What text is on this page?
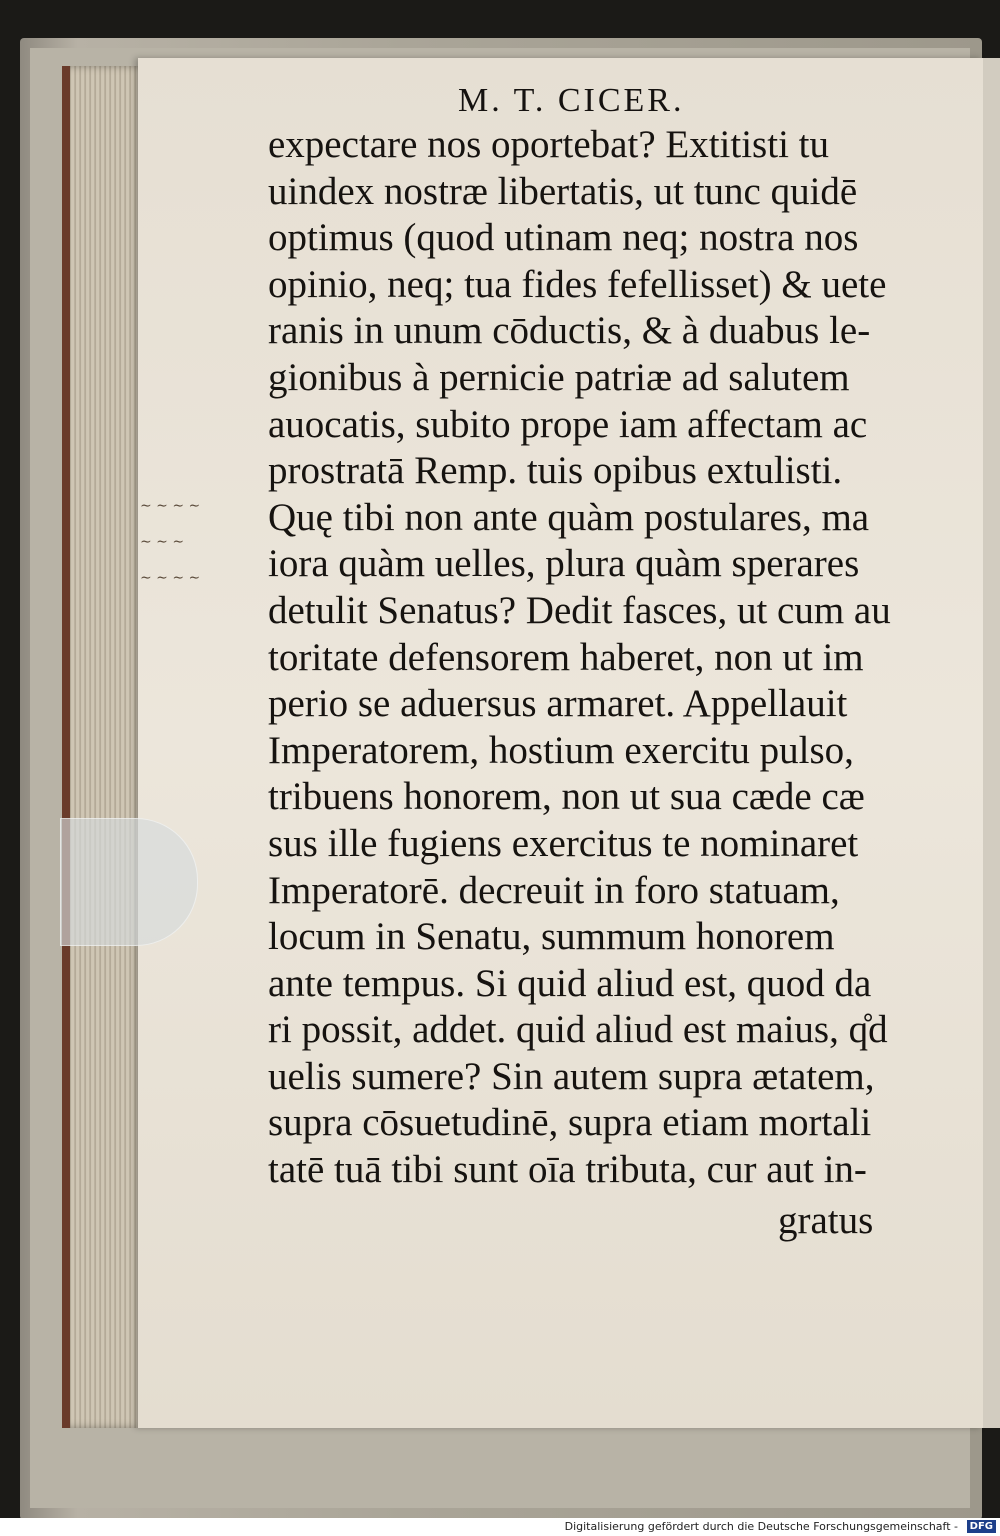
M. T. CICER.
expectare nos oportebat? Extitisti tu
uindex nostræ libertatis, ut tunc quidē
optimus (quod utinam neq; nostra nos
opinio, neq; tua fides fefellisset) & uete
ranis in unum cōductis, & à duabus le-
gionibus à pernicie patriæ ad salutem
auocatis, subito prope iam affectam ac
prostratā Remp. tuis opibus extulisti.
Quę tibi non ante quàm postulares, ma
iora quàm uelles, plura quàm sperares
detulit Senatus? Dedit fasces, ut cum au
toritate defensorem haberet, non ut im
perio se aduersus armaret. Appellauit
Imperatorem, hostium exercitu pulso,
tribuens honorem, non ut sua cæde cæ
sus ille fugiens exercitus te nominaret
Imperatorē. decreuit in foro statuam,
locum in Senatu, summum honorem
ante tempus. Si quid aliud est, quod da
ri possit, addet. quid aliud est maius, q̊d
uelis sumere? Sin autem supra ætatem,
supra cōsuetudinē, supra etiam mortali
tatē tuā tibi sunt oīa tributa, cur aut in-
∼ ∼ ∼ ∼
∼ ∼ ∼
∼ ∼ ∼ ∼
gratus
Digitalisierung gefördert durch die Deutsche Forschungsgemeinschaft -	DFG
